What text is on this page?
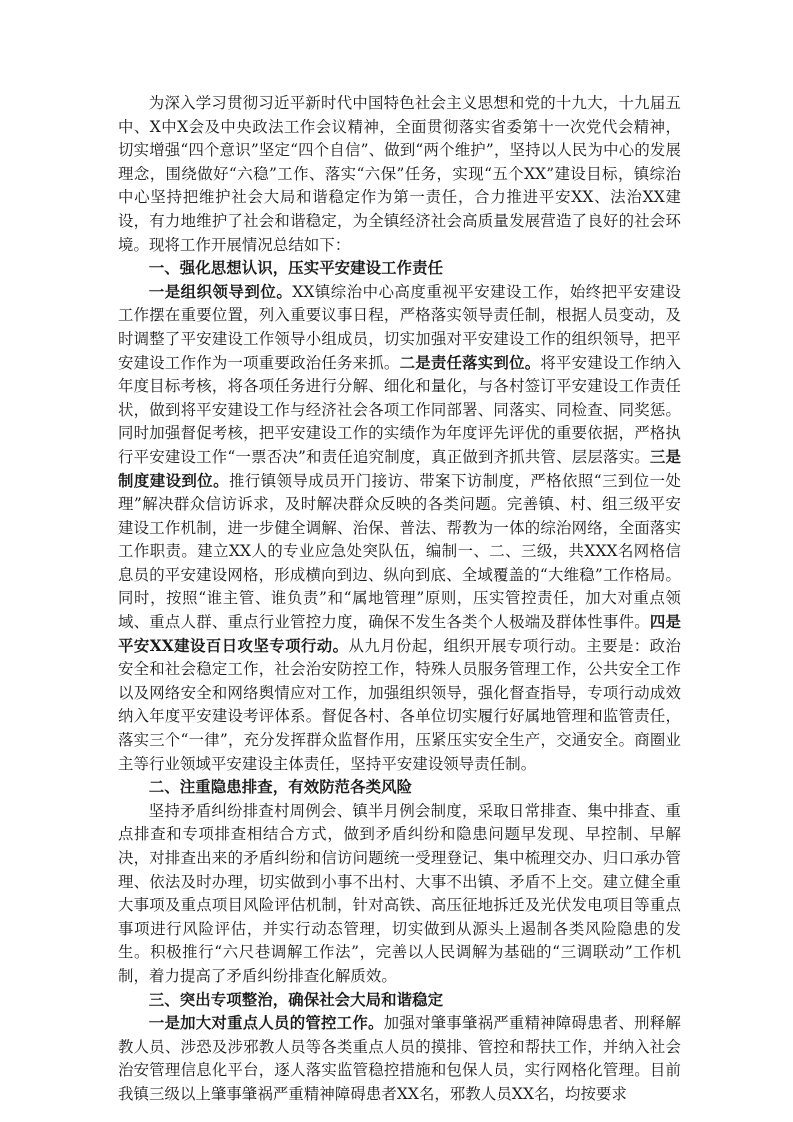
为深入学习贯彻习近平新时代中国特色社会主义思想和党的十九大，十九届五中、X中X会及中央政法工作会议精神，全面贯彻落实省委第十一次党代会精神，切实增强“四个意识”坚定“四个自信”、做到“两个维护”，坚持以人民为中心的发展理念，围绕做好“六稳”工作、落实“六保”任务，实现“五个XX”建设目标，镇综治中心坚持把维护社会大局和谐稳定作为第一责任，合力推进平安XX、法治XX建设，有力地维护了社会和谐稳定，为全镇经济社会高质量发展营造了良好的社会环境。现将工作开展情况总结如下：

一、强化思想认识，压实平安建设工作责任

一是组织领导到位。XX镇综治中心高度重视平安建设工作，始终把平安建设工作摆在重要位置，列入重要议事日程，严格落实领导责任制，根据人员变动，及时调整了平安建设工作领导小组成员，切实加强对平安建设工作的组织领导，把平安建设工作作为一项重要政治任务来抓。二是责任落实到位。将平安建设工作纳入年度目标考核，将各项任务进行分解、细化和量化，与各村签订平安建设工作责任状，做到将平安建设工作与经济社会各项工作同部署、同落实、同检查、同奖惩。同时加强督促考核，把平安建设工作的实绩作为年度评先评优的重要依据，严格执行平安建设工作“一票否决”和责任追究制度，真正做到齐抓共管、层层落实。三是制度建设到位。推行镇领导成员开门接访、带案下访制度，严格依照“三到位一处理”解决群众信访诉求，及时解决群众反映的各类问题。完善镇、村、组三级平安建设工作机制，进一步健全调解、治保、普法、帮教为一体的综治网络，全面落实工作职责。建立XX人的专业应急处突队伍，编制一、二、三级，共XXX名网格信息员的平安建设网格，形成横向到边、纵向到底、全域覆盖的“大维稳”工作格局。同时，按照“谁主管、谁负责”和“属地管理”原则，压实管控责任，加大对重点领域、重点人群、重点行业管控力度，确保不发生各类个人极端及群体性事件。四是平安XX建设百日攻坚专项行动。从九月份起，组织开展专项行动。主要是：政治安全和社会稳定工作，社会治安防控工作，特殊人员服务管理工作，公共安全工作以及网络安全和网络舆情应对工作，加强组织领导，强化督查指导，专项行动成效纳入年度平安建设考评体系。督促各村、各单位切实履行好属地管理和监管责任，落实三个“一律”，充分发挥群众监督作用，压紧压实安全生产，交通安全。商圈业主等行业领域平安建设主体责任，坚持平安建设领导责任制。

二、注重隐患排查，有效防范各类风险

坚持矛盾纠纷排查村周例会、镇半月例会制度，采取日常排查、集中排查、重点排查和专项排查相结合方式，做到矛盾纠纷和隐患问题早发现、早控制、早解决，对排查出来的矛盾纠纷和信访问题统一受理登记、集中梳理交办、归口承办管理、依法及时办理，切实做到小事不出村、大事不出镇、矛盾不上交。建立健全重大事项及重点项目风险评估机制，针对高铁、高压征地拆迁及光伏发电项目等重点事项进行风险评估，并实行动态管理，切实做到从源头上遏制各类风险隐患的发生。积极推行“六尺巷调解工作法”，完善以人民调解为基础的“三调联动”工作机制，着力提高了矛盾纠纷排查化解质效。

三、突出专项整治，确保社会大局和谐稳定

一是加大对重点人员的管控工作。加强对肇事肇祸严重精神障碍患者、刑释解教人员、涉恐及涉邪教人员等各类重点人员的摸排、管控和帮扶工作，并纳入社会治安管理信息化平台，逐人落实监管稳控措施和包保人员，实行网格化管理。目前我镇三级以上肇事肇祸严重精神障碍患者XX名，邪教人员XX名，均按要求
